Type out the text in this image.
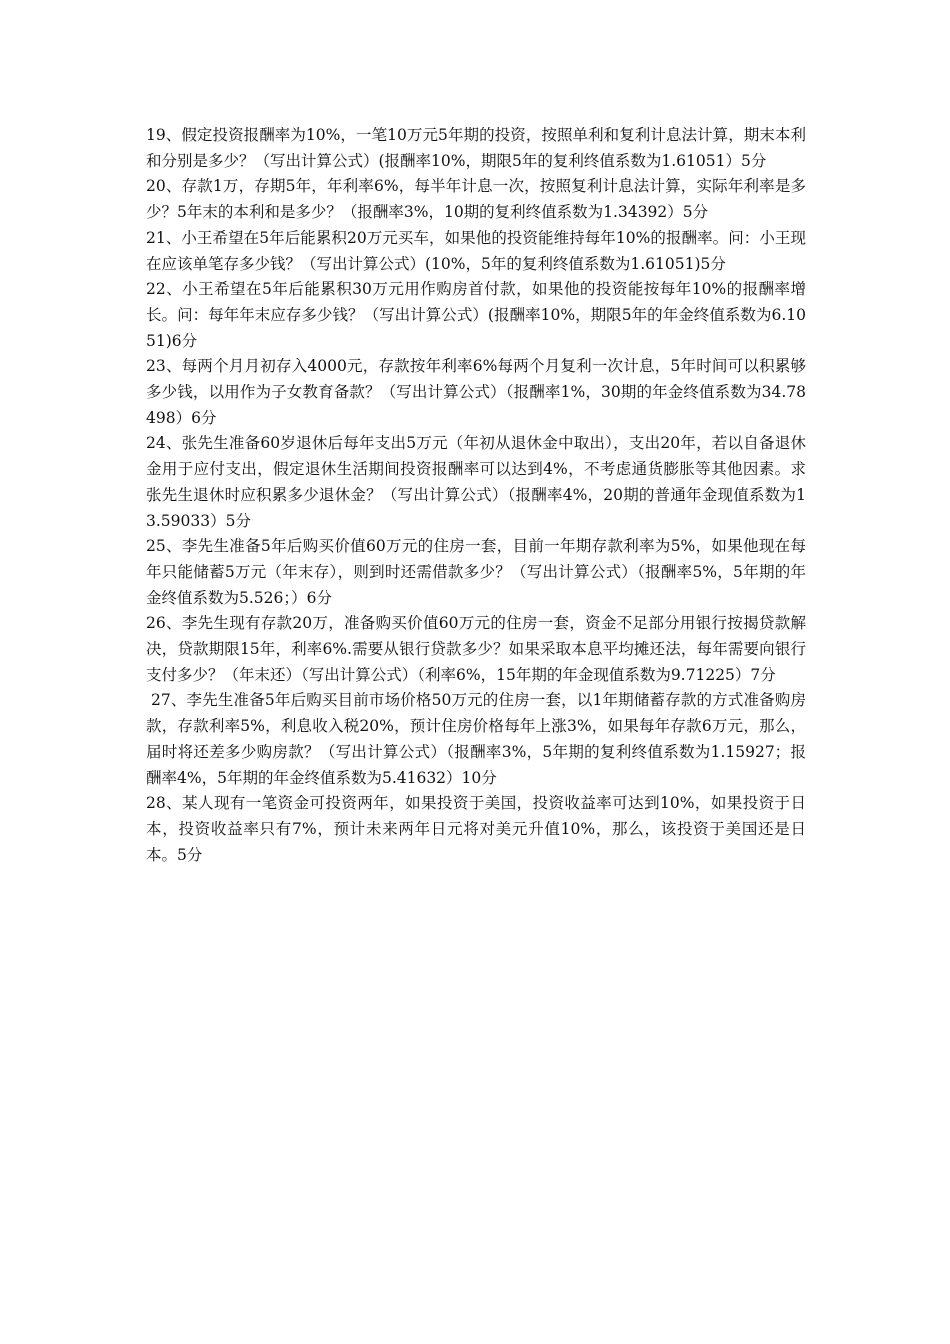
19、假定投资报酬率为10%，一笔10万元5年期的投资，按照单利和复利计息法计算，期末本利和分别是多少？（写出计算公式）(报酬率10%，期限5年的复利终值系数为1.61051）5分

20、存款1万，存期5年，年利率6%，每半年计息一次，按照复利计息法计算，实际年利率是多少？5年末的本利和是多少？（报酬率3%，10期的复利终值系数为1.34392）5分

21、小王希望在5年后能累积20万元买车，如果他的投资能维持每年10%的报酬率。问：小王现在应该单笔存多少钱？（写出计算公式）(10%，5年的复利终值系数为1.61051)5分

22、小王希望在5年后能累积30万元用作购房首付款，如果他的投资能按每年10%的报酬率增长。问：每年年末应存多少钱？（写出计算公式）(报酬率10%，期限5年的年金终值系数为6.1051)6分

23、每两个月月初存入4000元，存款按年利率6%每两个月复利一次计息，5年时间可以积累够多少钱，以用作为子女教育备款？（写出计算公式）（报酬率1%，30期的年金终值系数为34.78498）6分

24、张先生准备60岁退休后每年支出5万元（年初从退休金中取出），支出20年，若以自备退休金用于应付支出，假定退休生活期间投资报酬率可以达到4%，不考虑通货膨胀等其他因素。求张先生退休时应积累多少退休金？（写出计算公式）（报酬率4%，20期的普通年金现值系数为13.59033）5分

25、李先生准备5年后购买价值60万元的住房一套，目前一年期存款利率为5%，如果他现在每年只能储蓄5万元（年末存），则到时还需借款多少？（写出计算公式）（报酬率5%，5年期的年金终值系数为5.526；）6分

26、李先生现有存款20万，准备购买价值60万元的住房一套，资金不足部分用银行按揭贷款解决，贷款期限15年，利率6%.需要从银行贷款多少？如果采取本息平均摊还法，每年需要向银行支付多少？（年末还）（写出计算公式）（利率6%，15年期的年金现值系数为9.71225）7分

27、李先生准备5年后购买目前市场价格50万元的住房一套，以1年期储蓄存款的方式准备购房款，存款利率5%，利息收入税20%，预计住房价格每年上涨3%，如果每年存款6万元，那么，届时将还差多少购房款？（写出计算公式）（报酬率3%，5年期的复利终值系数为1.15927；报酬率4%，5年期的年金终值系数为5.41632）10分

28、某人现有一笔资金可投资两年，如果投资于美国，投资收益率可达到10%，如果投资于日本，投资收益率只有7%，预计未来两年日元将对美元升值10%，那么，该投资于美国还是日本。5分
